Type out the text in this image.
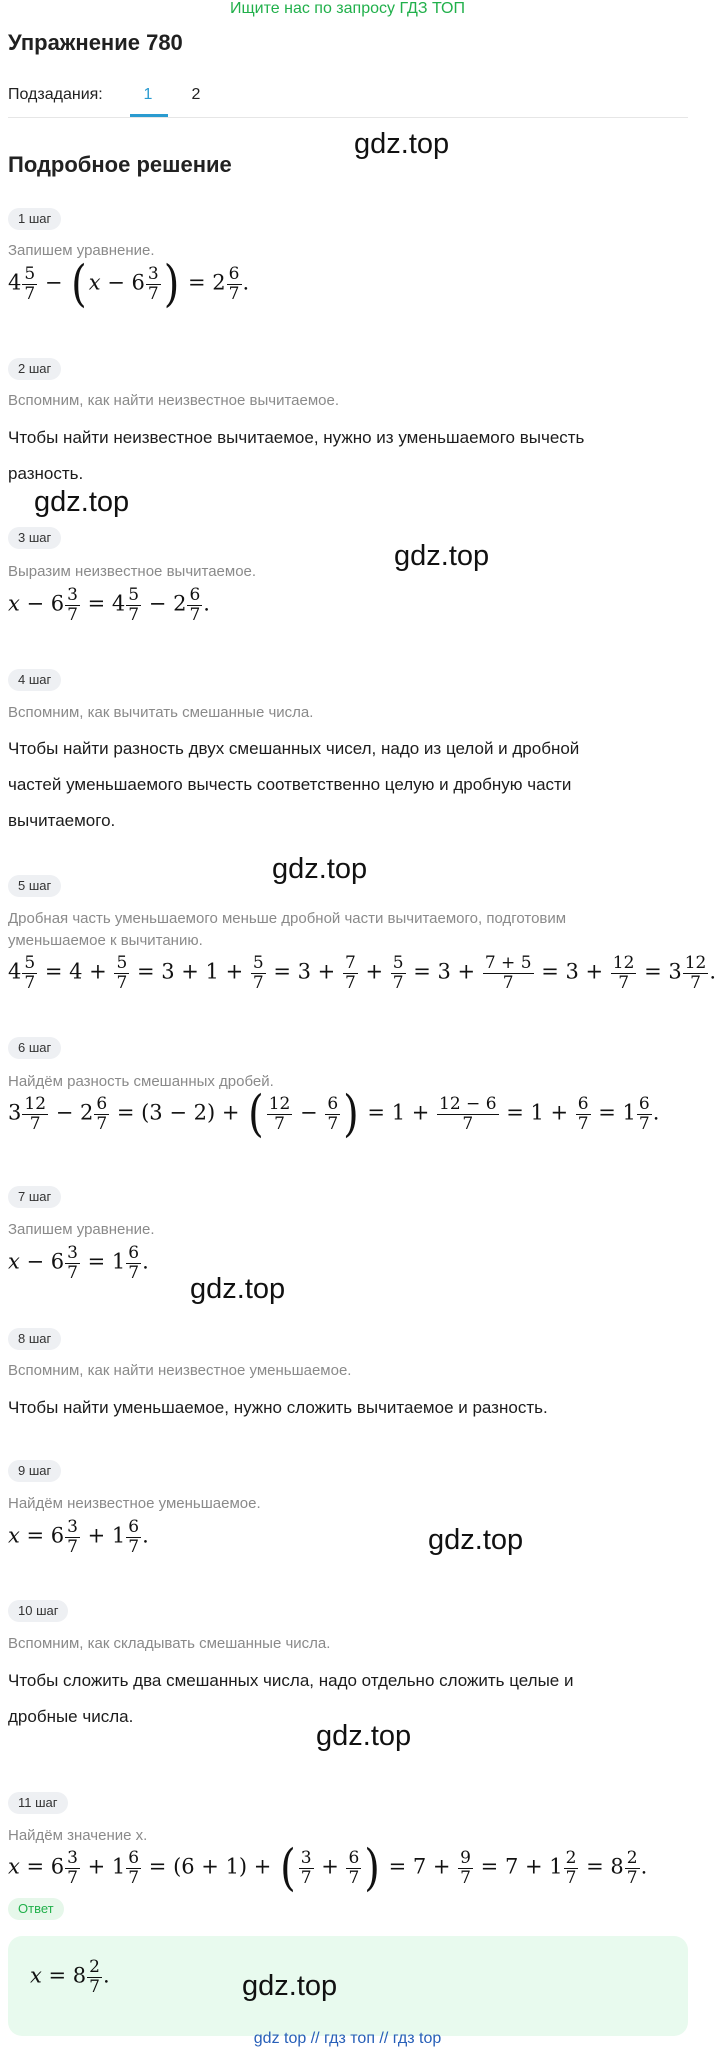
Ищите нас по запросу ГДЗ ТОП
Упражнение 780
Подзадания:	1	2
Подробное решение
gdz.top
gdz.top
gdz.top
gdz.top
gdz.top
gdz.top
gdz.top
1 шаг
Запишем уравнение.
$4 \frac{5}{7} - (x - 6 \frac{3}{7}$ ) = $2 \frac{6}{7}$ .
2 шаг
Вспомним, как найти неизвестное вычитаемое.
Чтобы найти неизвестное вычитаемое, нужно из уменьшаемого вычесть
разность.
3 шаг
Выразим неизвестное вычитаемое.
$x - 6 \frac{3}{7} = 4 \frac{5}{7} - 2 \frac{6}{7}$ .
4 шаг
Вспомним, как вычитать смешанные числа.
Чтобы найти разность двух смешанных чисел, надо из целой и дробной
частей уменьшаемого вычесть соответственно целую и дробную части
вычитаемого.
5 шаг
Дробная часть уменьшаемого меньше дробной части вычитаемого, подготовим
уменьшаемое к вычитанию.
$4 \frac{5}{7} = 4 + \frac{5}{7} = 3 + 1 + \frac{5}{7} = 3 + \frac{7}{7} + \frac{5}{7} = 3 + \frac{7 + 5}{7} = 3 + \frac{12}{7} = 3 \frac{12}{7}$ .
6 шаг
Найдём разность смешанных дробей.
$3 \frac{12}{7} - 2 \frac{6}{7} = (3 - 2)$ + ( $\frac{12}{7} - \frac{6}{7}$ ) = $1 + \frac{12 - 6}{7} = 1 + \frac{6}{7} = 1 \frac{6}{7}$ .
7 шаг
Запишем уравнение.
$x - 6 \frac{3}{7} = 1 \frac{6}{7}$ .
8 шаг
Вспомним, как найти неизвестное уменьшаемое.
Чтобы найти уменьшаемое, нужно сложить вычитаемое и разность.
9 шаг
Найдём неизвестное уменьшаемое.
$x = 6 \frac{3}{7} + 1 \frac{6}{7}$ .
10 шаг
Вспомним, как складывать смешанные числа.
Чтобы сложить два смешанных числа, надо отдельно сложить целые и
дробные числа.
11 шаг
Найдём значение x.
$x = 6 \frac{3}{7} + 1 \frac{6}{7} = (6 + 1)$ + ( $\frac{3}{7} + \frac{6}{7}$ ) = $7 + \frac{9}{7} = 7 + 1 \frac{2}{7} = 8 \frac{2}{7}$ .
Ответ
$x = 8 \frac{2}{7}$ .	gdz.top
gdz top // гдз топ // гдз top
